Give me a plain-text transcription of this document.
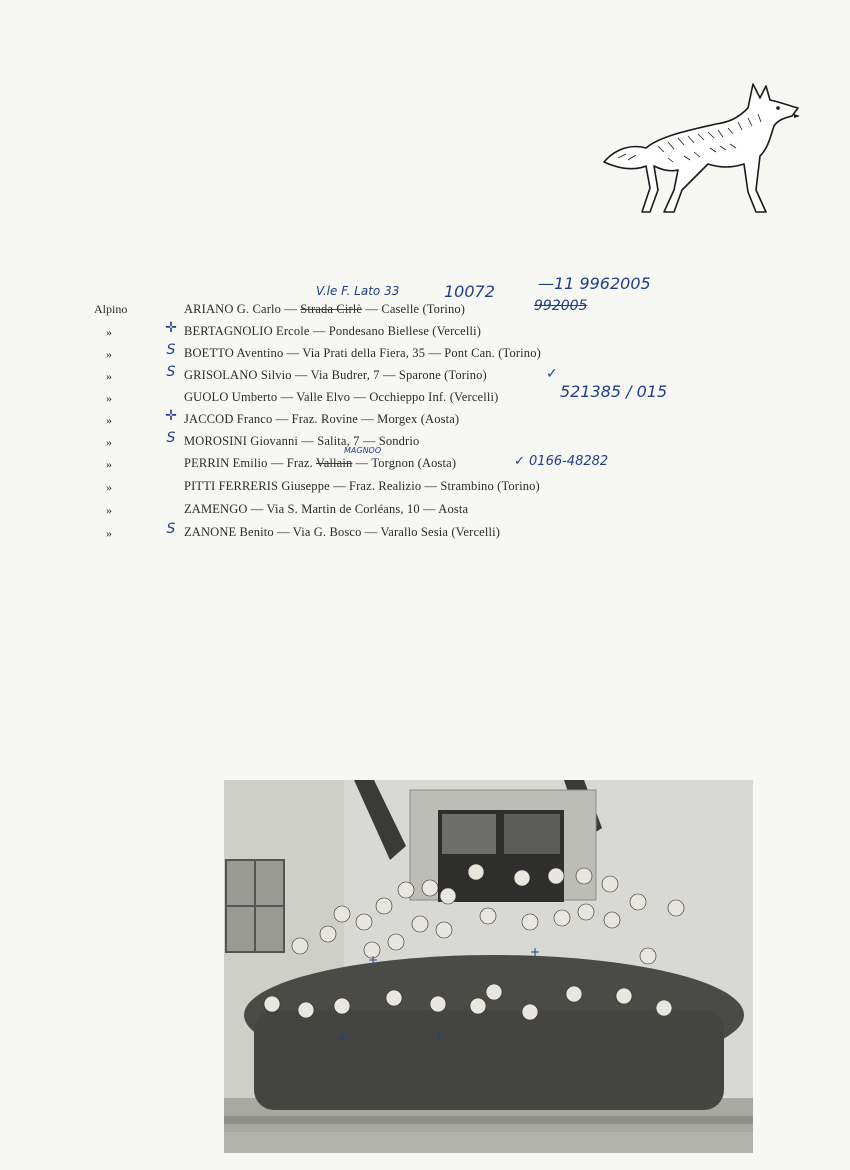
Alpino	ARIANO G. Carlo — Strada Cirlè — Caselle (Torino)
V.le F. Lato 33	10072	—11 9962005
992005
»	✛ BERTAGNOLIO Ercole — Pondesano Biellese (Vercelli)
»	S BOETTO Aventino — Via Prati della Fiera, 35 — Pont Can. (Torino)
»	S GRISOLANO Silvio — Via Budrer, 7 — Sparone (Torino)	✓
»	GUOLO Umberto — Valle Elvo — Occhieppo Inf. (Vercelli)	521385 / 015
»	✛ JACCOD Franco — Fraz. Rovine — Morgex (Aosta)
»	S MOROSINI Giovanni — Salita, 7 — Sondrio
»	PERRIN Emilio — Fraz. Vallain — Torgnon (Aosta)
MAGNOO
✓ 0166-48282
»	PITTI FERRERIS Giuseppe — Fraz. Realizio — Strambino (Torino)
»	ZAMENGO — Via S. Martin de Corléans, 10 — Aosta
»	S ZANONE Benito — Via G. Bosco — Varallo Sesia (Vercelli)
+
+	+
+
